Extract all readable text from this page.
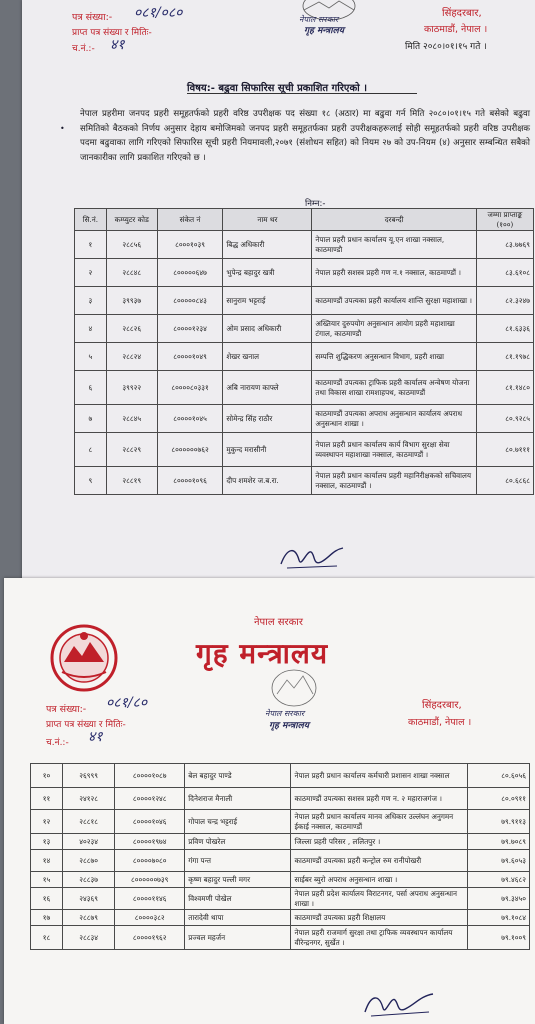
पत्र संख्या:- ०८१/०८०
प्राप्त पत्र संख्या र मितिः-
च.नं.:- ४१
नेपाल सरकार
गृह मन्त्रालय
सिंहदरबार,
काठमाडौं, नेपाल ।
मिति २०८०।०१।१५ गते ।
विषय:- बढुवा सिफारिस सूची प्रकाशित गरिएको ।
•
नेपाल प्रहरीमा जनपद प्रहरी समूहतर्फको प्रहरी वरिष्ठ उपरीक्षक पद संख्या १८ (अठार) मा बढुवा गर्न मिति २०८०।०१।१५ गते बसेको बढुवा समितिको बैठकको निर्णय अनुसार देहाय बमोजिमको जनपद प्रहरी समूहतर्फका प्रहरी उपरीक्षकहरूलाई सोही समूहतर्फको प्रहरी वरिष्ठ उपरीक्षक पदमा बढुवाका लागि गरिएको सिफारिस सूची प्रहरी नियमावली,२०७१ (संशोधन सहित) को नियम २७ को उप-नियम (४) अनुसार सम्बन्धित सबैको जानकारीका लागि प्रकाशित गरिएको छ ।
निम्न:-
सि.नं.	कम्प्युटर कोड	संकेत नं	नाम थर	दरबन्दी	जम्मा प्राप्ताङ्क (१००)
१	२८८५६	८०००१०३९	बिद्ध अधिकारी	नेपाल प्रहरी प्रधान कार्यालय यू.एन शाखा नक्साल, काठमाण्डौ	८३.७७६९
२	२८८४८	८०००००६४७	भुपेन्द्र बहादुर खत्री	नेपाल प्रहरी सशस्त्र प्रहरी गण न.१ नक्साल, काठमाण्डौं ।	८३.६१०८
३	३९९३७	८०००००८४३	सानुराम भट्टराई	काठमाण्डौं उपत्यका प्रहरी कार्यालय शान्ति सुरक्षा महाशाखा ।	८२.३२४७
४	२८८२६	८००००१२३४	ओम प्रसाद अधिकारी	अख्तियार दुरुपयोग अनुसन्धान आयोग प्रहरी महाशाखा टंगाल, काठमाण्डौ	८१.६३३६
५	२८८२४	८००००१०४९	शेखर खनाल	सम्पत्ति शुद्धिकरण अनुसन्धान विभाग, प्रहरी शाखा	८१.१९७८
६	३९९२२	८००००८०३३१	अबि नारायण काफ्ले	काठमाण्डौं उपत्यका ट्राफिक प्रहरी कार्यालय अन्वेषण योजना तथा विकास शाखा रामशाहपथ, काठमाण्डौं	८१.१४८०
७	२८८४५	८००००१०४५	सोमेन्द्र सिंह राठौर	काठमाण्डौं उपत्यका अपराध अनुसन्धान कार्यालय अपराध अनुसन्धान शाखा ।	८०.९२८५
८	२८८२९	८००००००७६२	मुकुन्द मरासीनी	नेपाल प्रहरी प्रधान कार्यालय कार्य विभाग सुरक्षा सेवा व्यवस्थापन महाशाखा नक्साल, काठमाण्डौं ।	८०.७१११
९	२८८१९	८००००१०९६	दीप शमशेर ज.ब.रा.	नेपाल प्रहरी प्रधान कार्यालय प्रहरी महानिरीक्षकको सचिवालय नक्साल, काठमाण्डौं ।	८०.६८६८
नेपाल सरकार
गृह मन्त्रालय
नेपाल सरकार
गृह मन्त्रालय
पत्र संख्या:- ०८१/८०
प्राप्त पत्र संख्या र मितिः-
च.नं.:- ४१
सिंहदरबार,
काठमाडौं, नेपाल ।
१०	२६९९९	८००००१०८७	बेल बहादुर पाण्डे	नेपाल प्रहरी प्रधान कार्यालय कर्मचारी प्रशासन शाखा नक्साल	८०.६०५६
११	२४१२८	८००००१२४८	दिनेशराज मैनाली	काठमाण्डौं उपत्यका सशस्त्र प्रहरी गण न. २ महाराजगंज ।	८०.०९११
१२	२८८१८	८००००१०४६	गोपाल चन्द्र भट्टराई	नेपाल प्रहरी प्रधान कार्यालय मानव अधिकार उल्लंघन अनुगमन ईकाई नक्साल, काठमाण्डौं	७९.९११३
१३	४०२३४	८००००१९७४	प्रविण पोखरेल	जिल्ला प्रहरी परिसर , ललितपुर ।	७९.७०८९
१४	२८८७०	८००००७०८०	गंगा पन्त	काठमाण्डौं उपत्यका प्रहरी कन्ट्रोल रुम रानीपोखरी	७९.६०५३
१५	२८८३७	८००००००७३९	कृष्ण बहादुर पल्ली मगर	साईबर ब्युरो अपराध अनुसन्धान शाखा ।	७९.४६८२
१६	२४३६९	८००००११४६	विश्वमणी पोखेल	नेपाल प्रहरी प्रदेश कार्यालय विराटनगर, पर्सा अपराध अनुसन्धान शाखा ।	७९.३४५०
१७	२८८७९	८००००३८२	तारादेवी थापा	काठमाण्डौं उपत्यका प्रहरी शिक्षालय	७९.१०८४
१८	२८८३४	८००००१९६२	प्रज्वल महर्जन	नेपाल प्रहरी राजमार्ग सुरक्षा तथा ट्राफिक व्यवस्थापन कार्यालय वीरेन्द्रनगर, सुर्खेत ।	७९.१००९
